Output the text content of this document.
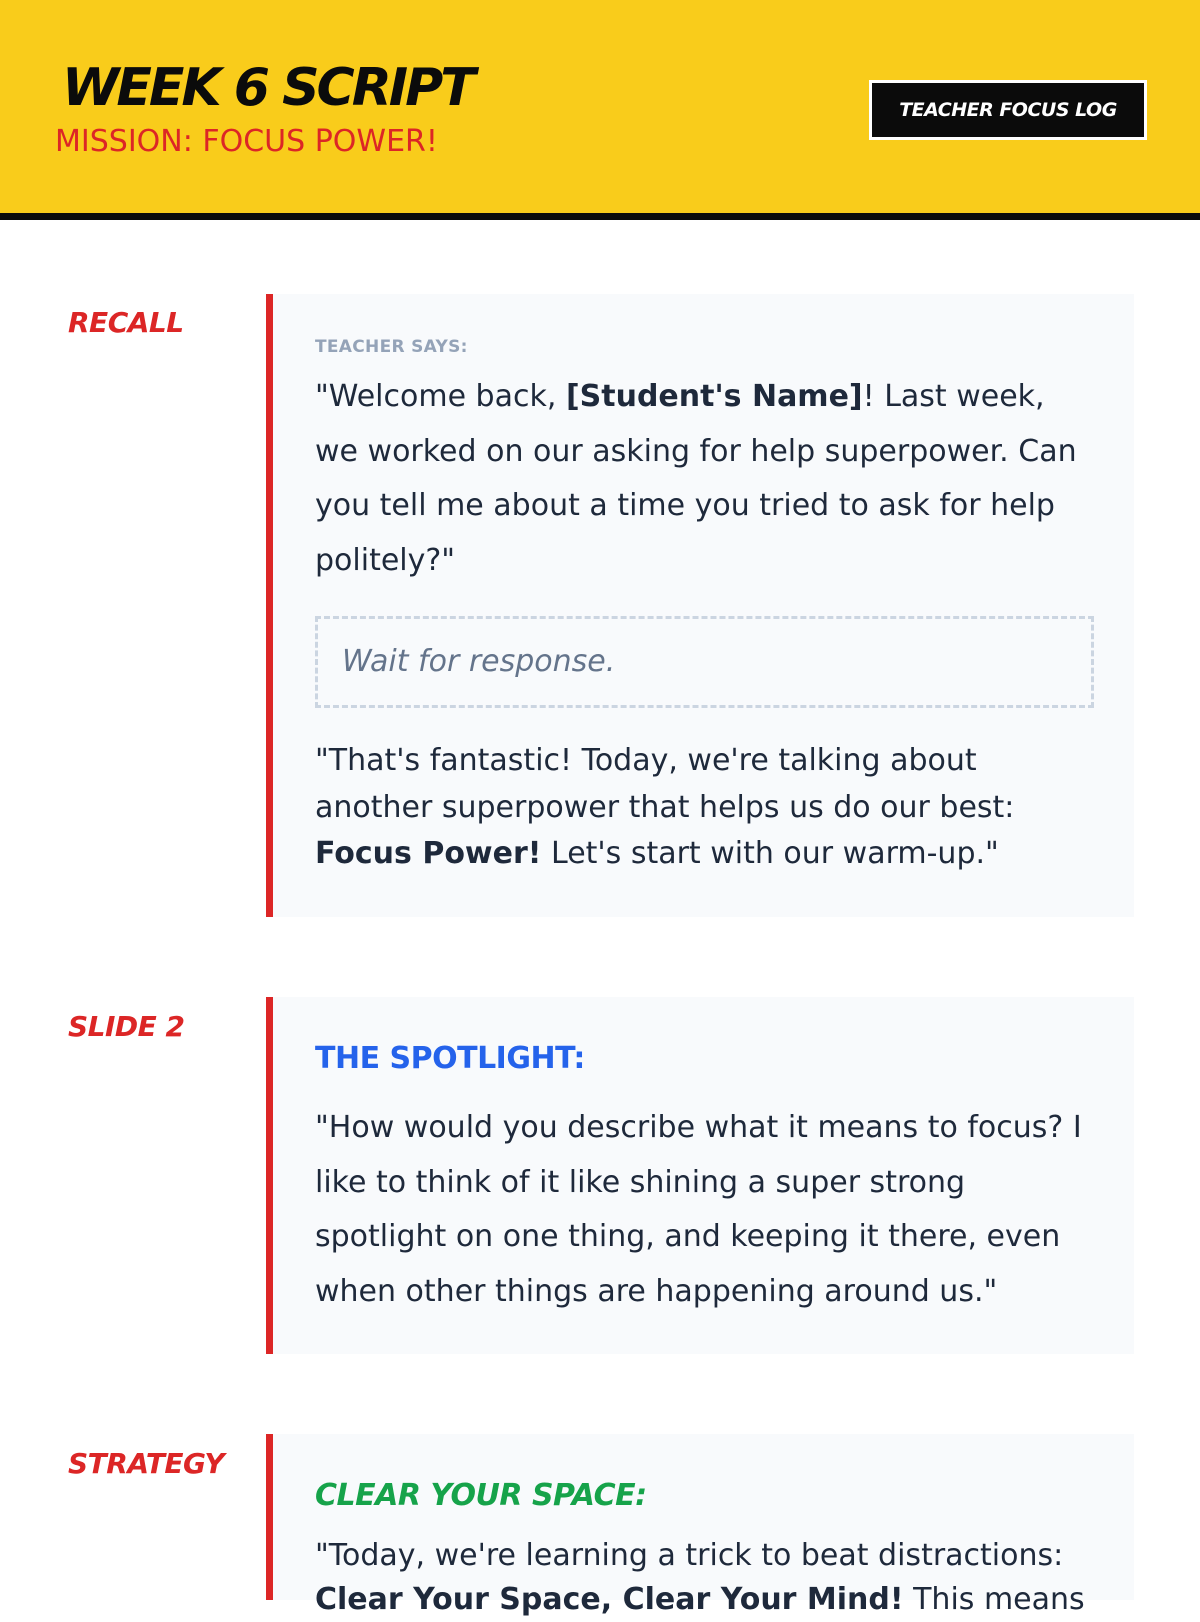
WEEK 6 SCRIPT
MISSION: FOCUS POWER!
TEACHER FOCUS LOG
RECALL
TEACHER SAYS:

"Welcome back, [Student's Name]! Last week, we worked on our asking for help superpower. Can you tell me about a time you tried to ask for help politely?"

Wait for response.

"That's fantastic! Today, we're talking about another superpower that helps us do our best: Focus Power! Let's start with our warm-up."

SLIDE 2
THE SPOTLIGHT:

"How would you describe what it means to focus? I like to think of it like shining a super strong spotlight on one thing, and keeping it there, even when other things are happening around us."

STRATEGY
CLEAR YOUR SPACE:

"Today, we're learning a trick to beat distractions: Clear Your Space, Clear Your Mind! This means
